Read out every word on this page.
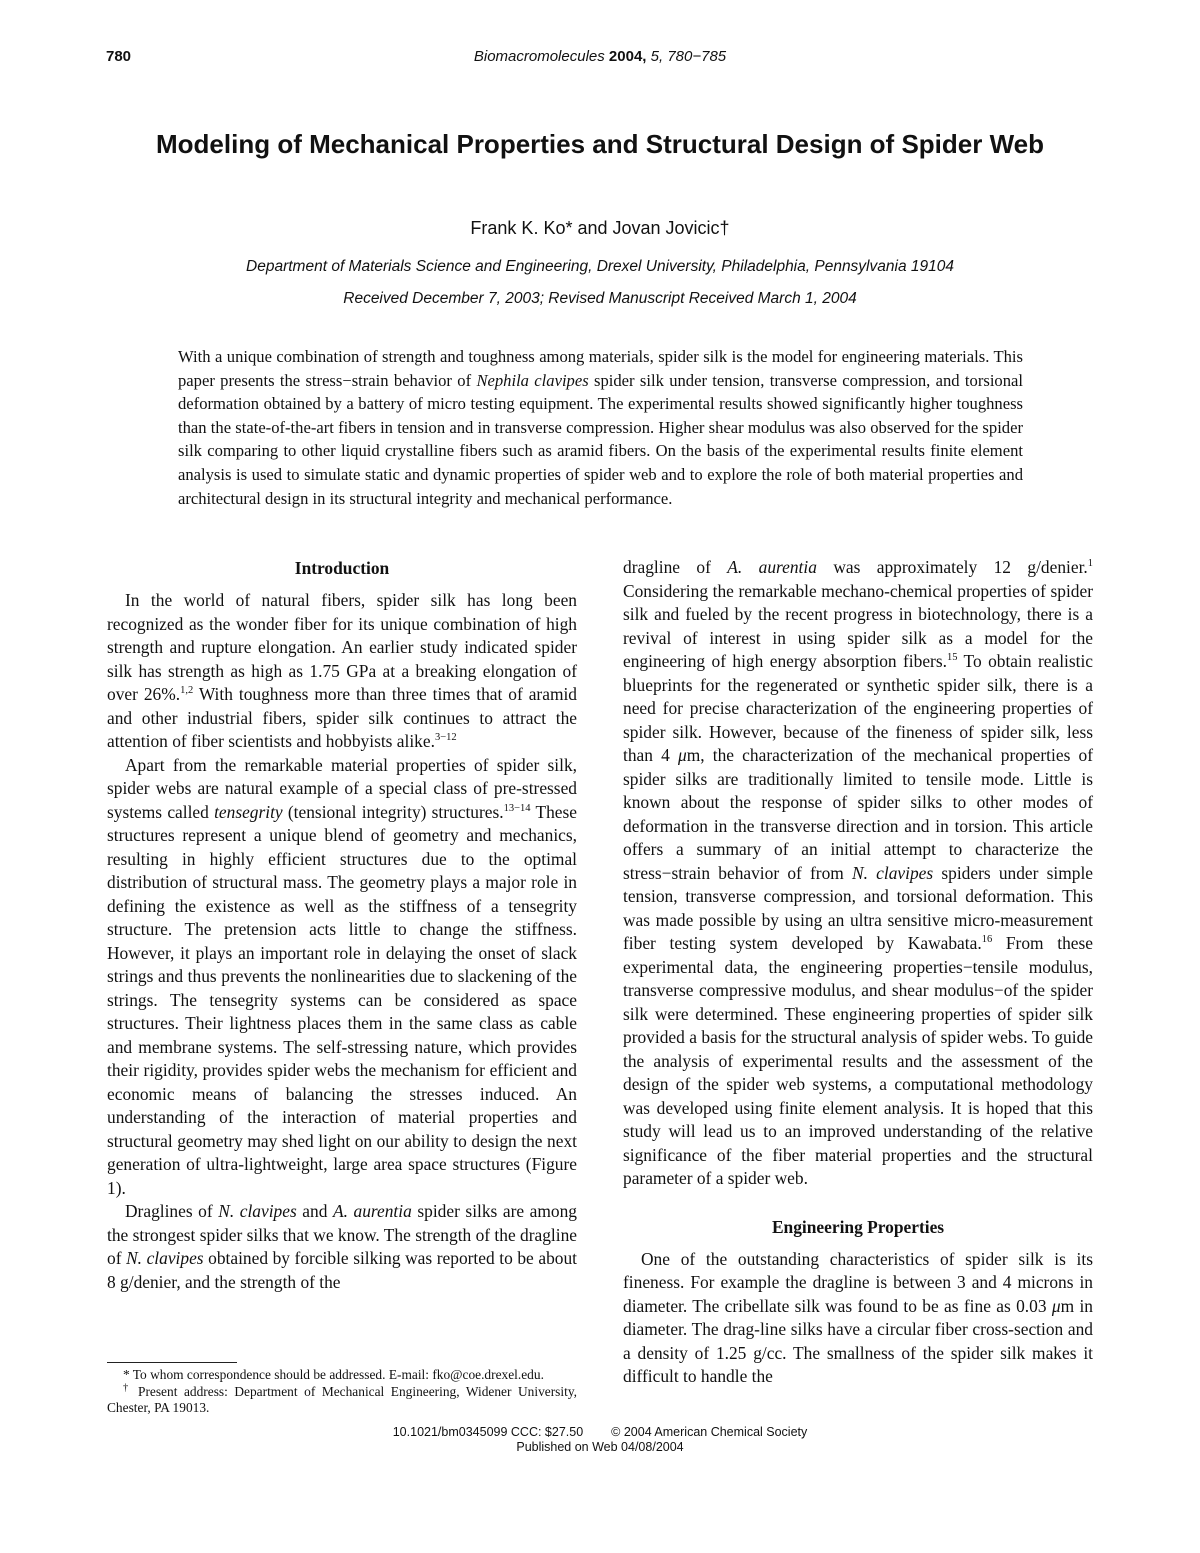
780	Biomacromolecules 2004, 5, 780−785
Modeling of Mechanical Properties and Structural Design of Spider Web
Frank K. Ko* and Jovan Jovicic†
Department of Materials Science and Engineering, Drexel University, Philadelphia, Pennsylvania 19104
Received December 7, 2003; Revised Manuscript Received March 1, 2004
With a unique combination of strength and toughness among materials, spider silk is the model for engineering materials. This paper presents the stress−strain behavior of Nephila clavipes spider silk under tension, transverse compression, and torsional deformation obtained by a battery of micro testing equipment. The experimental results showed significantly higher toughness than the state-of-the-art fibers in tension and in transverse compression. Higher shear modulus was also observed for the spider silk comparing to other liquid crystalline fibers such as aramid fibers. On the basis of the experimental results finite element analysis is used to simulate static and dynamic properties of spider web and to explore the role of both material properties and architectural design in its structural integrity and mechanical performance.
Introduction

In the world of natural fibers, spider silk has long been recognized as the wonder fiber for its unique combination of high strength and rupture elongation. An earlier study indicated spider silk has strength as high as 1.75 GPa at a breaking elongation of over 26%.$^{1,2}$ With toughness more than three times that of aramid and other industrial fibers, spider silk continues to attract the attention of fiber scientists and hobbyists alike.$^{3-12}$

Apart from the remarkable material properties of spider silk, spider webs are natural example of a special class of pre-stressed systems called tensegrity (tensional integrity) structures.$^{13-14}$ These structures represent a unique blend of geometry and mechanics, resulting in highly efficient structures due to the optimal distribution of structural mass. The geometry plays a major role in defining the existence as well as the stiffness of a tensegrity structure. The pretension acts little to change the stiffness. However, it plays an important role in delaying the onset of slack strings and thus prevents the nonlinearities due to slackening of the strings. The tensegrity systems can be considered as space structures. Their lightness places them in the same class as cable and membrane systems. The self-stressing nature, which provides their rigidity, provides spider webs the mechanism for efficient and economic means of balancing the stresses induced. An understanding of the interaction of material properties and structural geometry may shed light on our ability to design the next generation of ultra-lightweight, large area space structures (Figure 1).

Draglines of N. clavipes and A. aurentia spider silks are among the strongest spider silks that we know. The strength of the dragline of N. clavipes obtained by forcible silking was reported to be about 8 g/denier, and the strength of the

dragline of A. aurentia was approximately 12 g/denier.$^1$ Considering the remarkable mechano-chemical properties of spider silk and fueled by the recent progress in biotechnology, there is a revival of interest in using spider silk as a model for the engineering of high energy absorption fibers.$^{15}$ To obtain realistic blueprints for the regenerated or synthetic spider silk, there is a need for precise characterization of the engineering properties of spider silk. However, because of the fineness of spider silk, less than 4 μm, the characterization of the mechanical properties of spider silks are traditionally limited to tensile mode. Little is known about the response of spider silks to other modes of deformation in the transverse direction and in torsion. This article offers a summary of an initial attempt to characterize the stress−strain behavior of from N. clavipes spiders under simple tension, transverse compression, and torsional deformation. This was made possible by using an ultra sensitive micro-measurement fiber testing system developed by Kawabata.$^{16}$ From these experimental data, the engineering properties−tensile modulus, transverse compressive modulus, and shear modulus−of the spider silk were determined. These engineering properties of spider silk provided a basis for the structural analysis of spider webs. To guide the analysis of experimental results and the assessment of the design of the spider web systems, a computational methodology was developed using finite element analysis. It is hoped that this study will lead us to an improved understanding of the relative significance of the fiber material properties and the structural parameter of a spider web.

Engineering Properties

One of the outstanding characteristics of spider silk is its fineness. For example the dragline is between 3 and 4 microns in diameter. The cribellate silk was found to be as fine as 0.03 μm in diameter. The drag-line silks have a circular fiber cross-section and a density of 1.25 g/cc. The smallness of the spider silk makes it difficult to handle the

* To whom correspondence should be addressed. E-mail: fko@coe.drexel.edu.

† Present address: Department of Mechanical Engineering, Widener University, Chester, PA 19013.

10.1021/bm0345099 CCC: $27.50 © 2004 American Chemical Society
Published on Web 04/08/2004
